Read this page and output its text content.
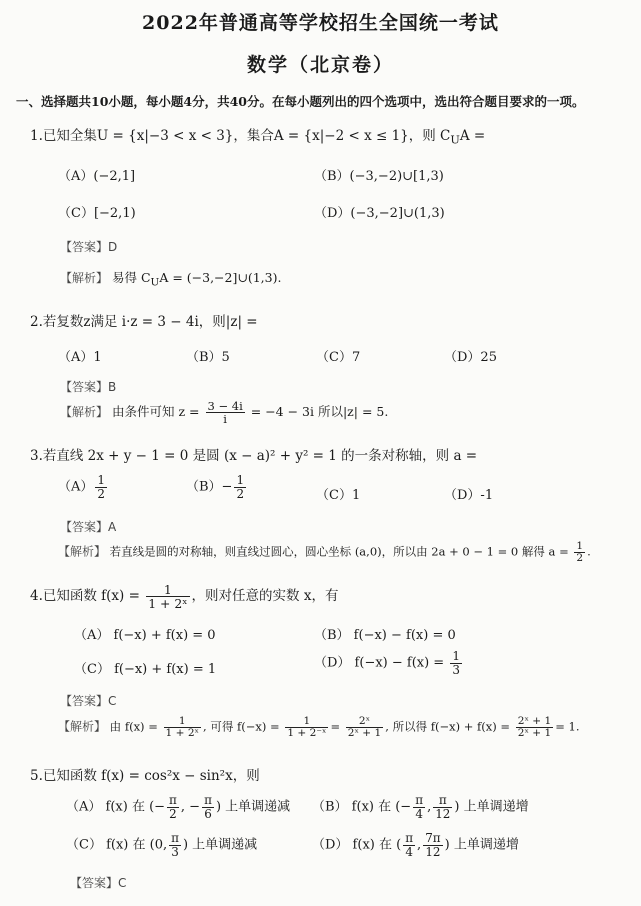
2022年普通高等学校招生全国统一考试
数学（北京卷）
一、选择题共10小题，每小题4分，共40分。在每小题列出的四个选项中，选出符合题目要求的一项。
1.已知全集U = {x|−3 < x < 3}，集合A = {x|−2 < x ≤ 1}，则 $C_UA$ =
（A）(−2,1]	（B）(−3,−2)∪[1,3)
（C）[−2,1)	（D）(−3,−2]∪(1,3)
【答案】D
【解析】 易得 $C_UA$ = (−3,−2]∪(1,3).
2.若复数z满足 i·z = 3 − 4i，则|z| =
（A）1	（B）5	（C）7	（D）25
【答案】B
【解析】 由条件可知 $z = \frac{3 - 4i}{i} = -4 - 3i$ 所以|z| = 5.
3.若直线 2x + y − 1 = 0 是圆 (x − a)² + y² = 1 的一条对称轴，则 a =
$(A) \frac{1}{2}$	$(B)- \frac{1}{2}$	（C）1	（D）-1
【答案】A
【解析】 若直线是圆的对称轴，则直线过圆心，圆心坐标 (a,0)，所以由 2a + 0 − 1 = 0 解得 $a = \frac{1}{2}$ .
4.已知函数 $f(x) = \frac{1}{\text{1 + 2ˣ}}$ ，则对任意的实数 x，有
（A） f(−x) + f(x) = 0	（B） f(−x) − f(x) = 0
（C） f(−x) + f(x) = 1	（D） $f(-x) - f(x) = \frac{1}{3}$
【答案】C
【解析】 由 $f(x) = \frac{1}{\text{1 + 2ˣ}}$ , 可得 $f(-x) = \frac{1}{\text{1 + 2⁻ˣ}} = \frac{\text{2ˣ}}{\text{2ˣ + 1}}$ , 所以得 $f(-x) + f(x) = \frac{\text{2ˣ + 1}}{\text{2ˣ + 1}} = 1$.
5.已知函数 f(x) = cos²x − sin²x，则
（A） f(x) 在 (− $\frac{\pi}{2}$ , − $\frac{\pi}{6}$ ) 上单调递减 （B） f(x) 在 (− $\frac{\pi}{4}$ , $\frac{\pi}{12}$ ) 上单调递增
（C） f(x) 在 (0, $\frac{\pi}{3}$ ) 上单调递减	（D） f(x) 在 ( $\frac{\pi}{4}$ , $\frac{7\pi}{12}$ ) 上单调递增
【答案】C
